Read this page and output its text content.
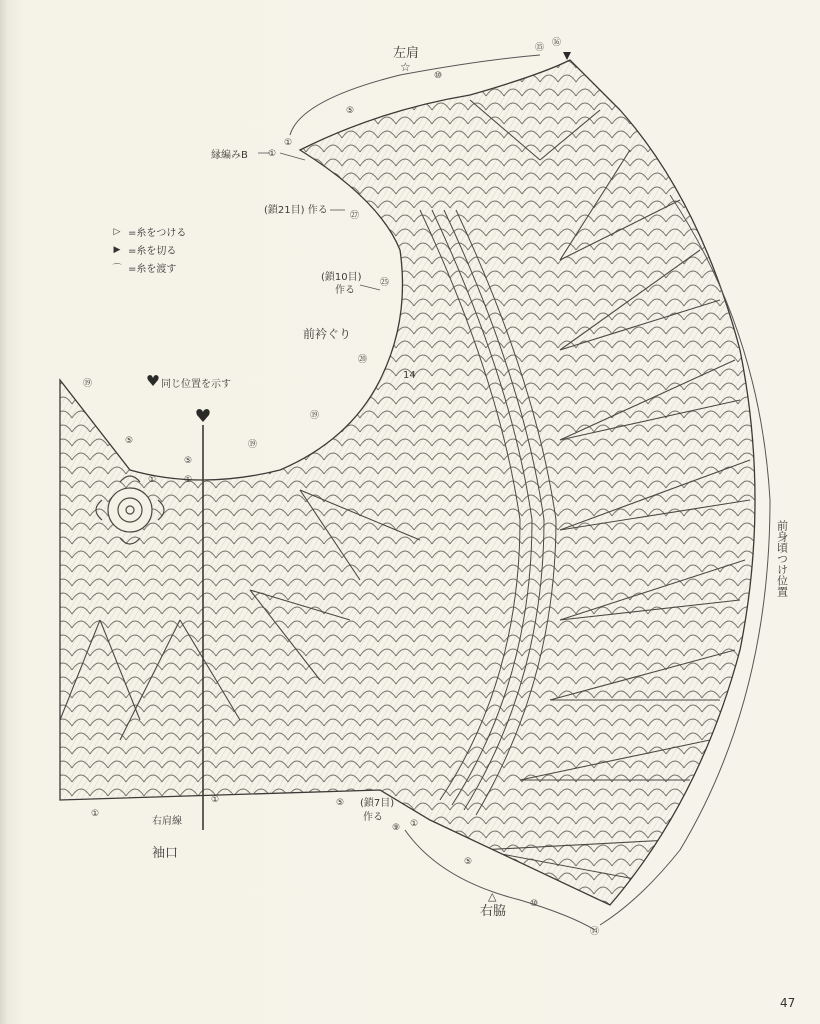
左肩
☆
縁編みB
(鎖21目) 作る
(鎖10目)
作る
前衿ぐり
同じ位置を示す
右肩線
袖口
(鎖7目)
作る
△
右脇
14
前身頃つけ位置
⑮ ⑯
⑩
⑤
①
①
㉗
㉕
⑳
⑲
⑲
⑲
⑤
①
⑤
①
①
①	⑤
⑨ ①
⑤
⑩
⑭
▷ =糸をつける
▶ =糸を切る
⌒ =糸を渡す
47
